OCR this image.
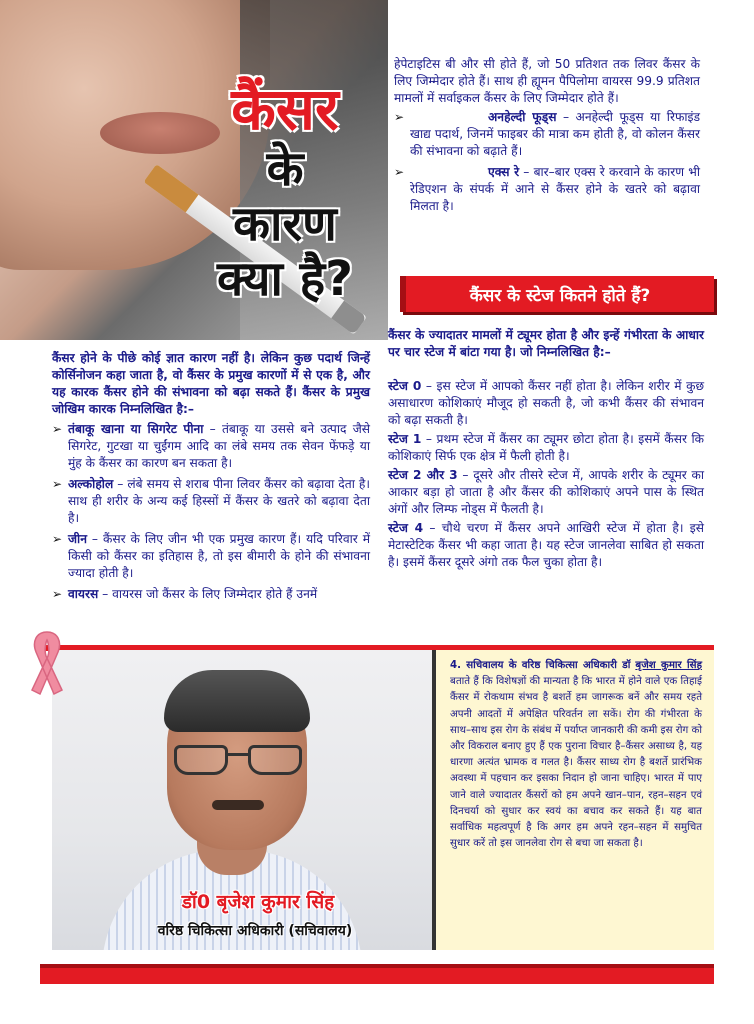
कैंसर
के
कारण
क्या है?

हेपेटाइटिस बी और सी होते हैं, जो 50 प्रतिशत तक लिवर कैंसर के लिए जिम्मेदार होते हैं। साथ ही ह्यूमन पैपिलोमा वायरस 99.9 प्रतिशत मामलों में सर्वाइकल कैंसर के लिए जिम्मेदार होते हैं।

➢	अनहेल्दी फूड्स – अनहेल्दी फूड्स या रिफाइंड खाद्य पदार्थ, जिनमें फाइबर की मात्रा कम होती है, वो कोलन कैंसर की संभावना को बढ़ाते हैं।
➢	एक्स रे – बार–बार एक्स रे करवाने के कारण भी रेडिएशन के संपर्क में आने से कैंसर होने के खतरे को बढ़ावा मिलता है।
कैंसर के स्टेज कितने होते हैं?

कैंसर होने के पीछे कोई ज्ञात कारण नहीं है। लेकिन कुछ पदार्थ जिन्हें कोर्सिनोजन कहा जाता है, वो कैंसर के प्रमुख कारणों में से एक है, और यह कारक कैंसर होने की संभावना को बढ़ा सकते हैं। कैंसर के प्रमुख जोखिम कारक निम्नलिखित है:–

➢ तंबाकू खाना या सिगरेट पीना – तंबाकू या उससे बने उत्पाद जैसे सिगरेट, गुटखा या चुईंगम आदि का लंबे समय तक सेवन फेंफड़े या मुंह के कैंसर का कारण बन सकता है।
➢ अल्कोहोल – लंबे समय से शराब पीना लिवर कैंसर को बढ़ावा देता है। साथ ही शरीर के अन्य कई हिस्सों में कैंसर के खतरे को बढ़ावा देता है।
➢ जीन – कैंसर के लिए जीन भी एक प्रमुख कारण हैं। यदि परिवार में किसी को कैंसर का इतिहास है, तो इस बीमारी के होने की संभावना ज्यादा होती है।
➢ वायरस – वायरस जो कैंसर के लिए जिम्मेदार होते हैं उनमें

कैंसर के ज्यादातर मामलों में ट्यूमर होता है और इन्हें गंभीरता के आधार पर चार स्टेज में बांटा गया है। जो निम्नलिखित है:–

स्टेज 0 – इस स्टेज में आपको कैंसर नहीं होता है। लेकिन शरीर में कुछ असाधारण कोशिकाएं मौजूद हो सकती है, जो कभी कैंसर की संभावन को बढ़ा सकती है।

स्टेज 1 – प्रथम स्टेज में कैंसर का ट्यूमर छोटा होता है। इसमें कैंसर कि कोशिकाएं सिर्फ एक क्षेत्र में फैली होती है।

स्टेज 2 और 3 – दूसरे और तीसरे स्टेज में, आपके शरीर के ट्यूमर का आकार बड़ा हो जाता है और कैंसर की कोशिकाएं अपने पास के स्थित अंगों और लिम्फ नोड्स में फैलती है।

स्टेज 4 – चौथे चरण में कैंसर अपने आखिरी स्टेज में होता है। इसे मेटास्टेटिक कैंसर भी कहा जाता है। यह स्टेज जानलेवा साबित हो सकता है। इसमें कैंसर दूसरे अंगो तक फैल चुका होता है।

डॉ0 बृजेश कुमार सिंह
वरिष्ठ चिकित्सा अधिकारी (सचिवालय)
4. सचिवालय के वरिष्ठ चिकित्सा अधिकारी डॉ बृजेश कुमार सिंह बताते हैं कि विशेषज्ञों की मान्यता है कि भारत में होने वाले एक तिहाई कैंसर में रोकथाम संभव है बशर्ते हम जागरूक बनें और समय रहते अपनी आदतों में अपेक्षित परिवर्तन ला सकें। रोग की गंभीरता के साथ–साथ इस रोग के संबंध में पर्याप्त जानकारी की कमी इस रोग को और विकराल बनाए हुए हैं एक पुराना विचार है–कैंसर असाध्य है, यह धारणा अत्यंत भ्रामक व गलत है। कैंसर साध्य रोग है बशर्ते प्रारंभिक अवस्था में पहचान कर इसका निदान हो जाना चाहिए। भारत में पाए जाने वाले ज्यादातर कैंसरों को हम अपने खान–पान, रहन–सहन एवं दिनचर्या को सुधार कर स्वयं का बचाव कर सकते हैं। यह बात सर्वाधिक महत्वपूर्ण है कि अगर हम अपने रहन–सहन में समुचित सुधार करें तो इस जानलेवा रोग से बचा जा सकता है।
